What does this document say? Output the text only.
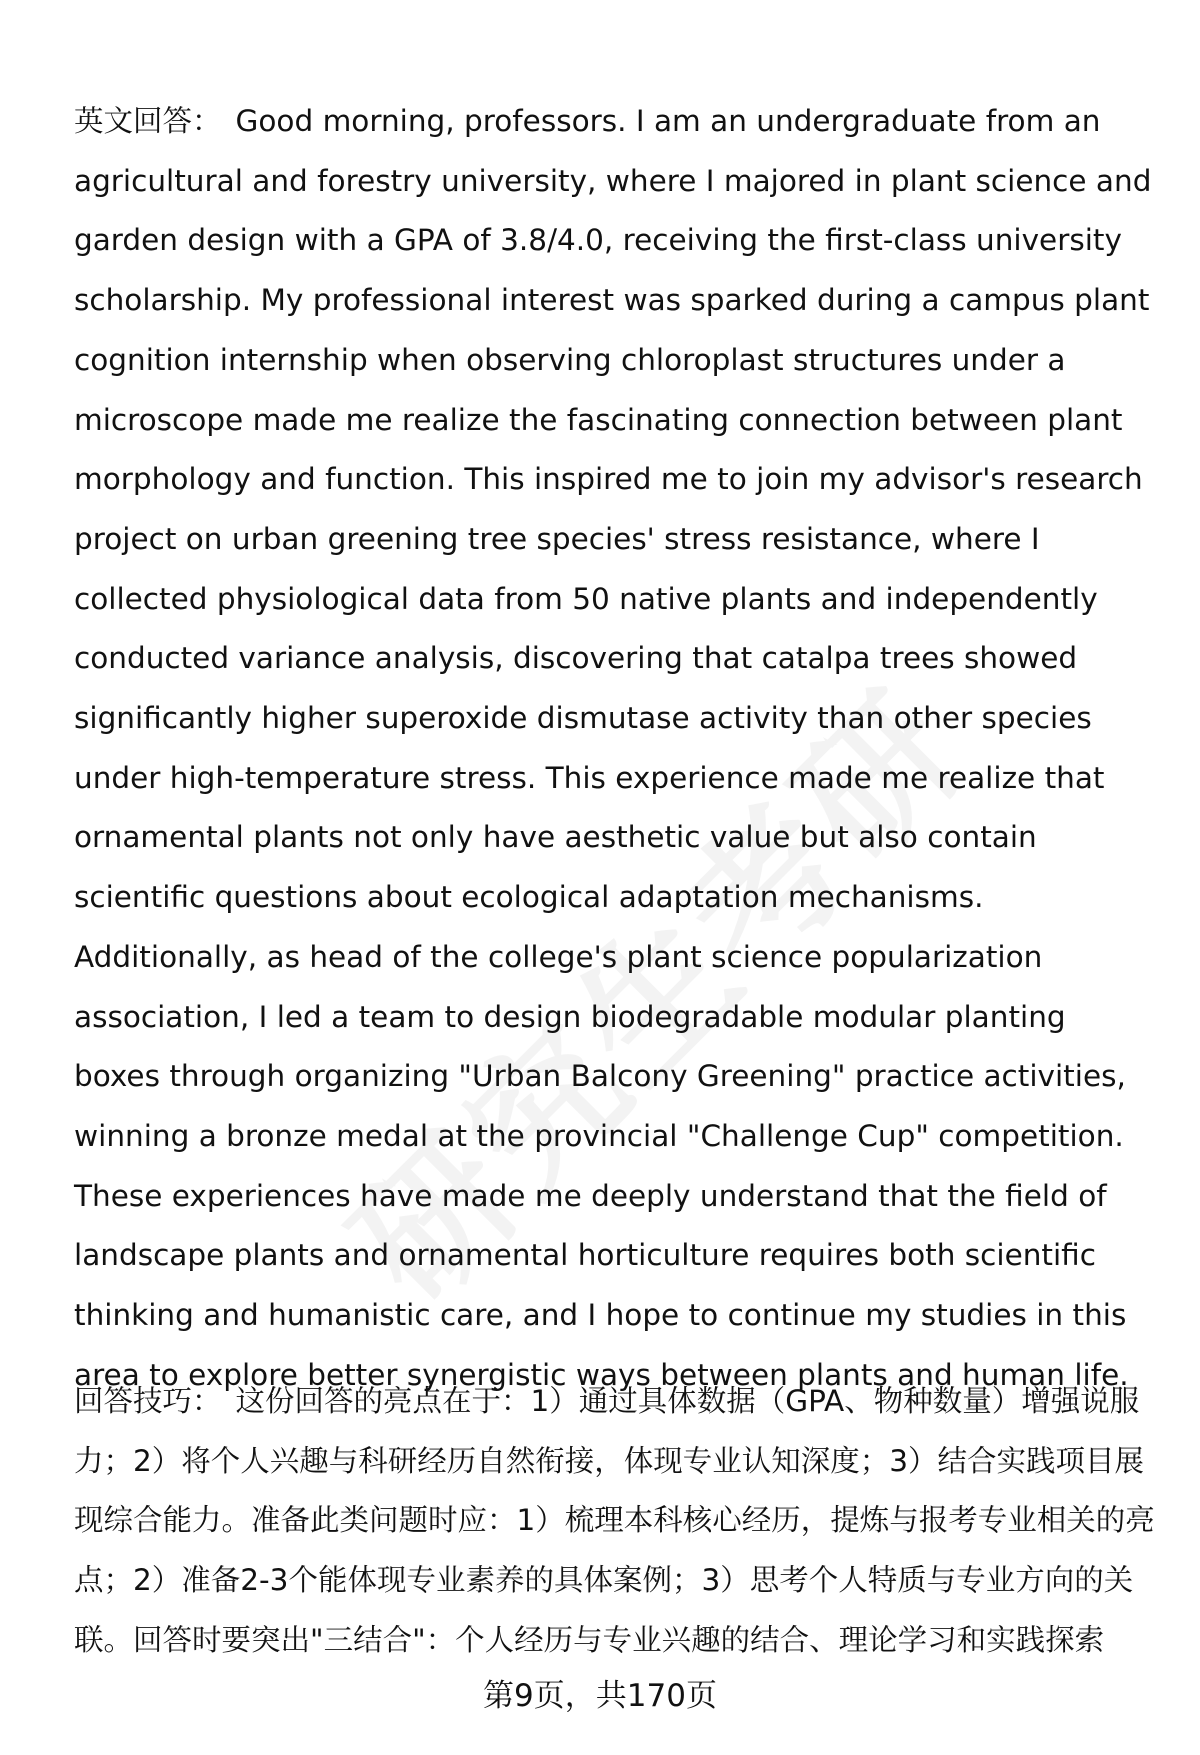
英文回答： Good morning, professors. I am an undergraduate from an agricultural and forestry university, where I majored in plant science and garden design with a GPA of 3.8/4.0, receiving the first-class university scholarship. My professional interest was sparked during a campus plant cognition internship when observing chloroplast structures under a microscope made me realize the fascinating connection between plant morphology and function. This inspired me to join my advisor's research project on urban greening tree species' stress resistance, where I collected physiological data from 50 native plants and independently conducted variance analysis, discovering that catalpa trees showed significantly higher superoxide dismutase activity than other species under high-temperature stress. This experience made me realize that ornamental plants not only have aesthetic value but also contain scientific questions about ecological adaptation mechanisms. Additionally, as head of the college's plant science popularization association, I led a team to design biodegradable modular planting boxes through organizing "Urban Balcony Greening" practice activities, winning a bronze medal at the provincial "Challenge Cup" competition. These experiences have made me deeply understand that the field of landscape plants and ornamental horticulture requires both scientific thinking and humanistic care, and I hope to continue my studies in this area to explore better synergistic ways between plants and human life.
回答技巧： 这份回答的亮点在于：1）通过具体数据（GPA、物种数量）增强说服力；2）将个人兴趣与科研经历自然衔接，体现专业认知深度；3）结合实践项目展现综合能力。准备此类问题时应：1）梳理本科核心经历，提炼与报考专业相关的亮点；2）准备2-3个能体现专业素养的具体案例；3）思考个人特质与专业方向的关联。回答时要突出"三结合"：个人经历与专业兴趣的结合、理论学习和实践探索
第9页，共170页
